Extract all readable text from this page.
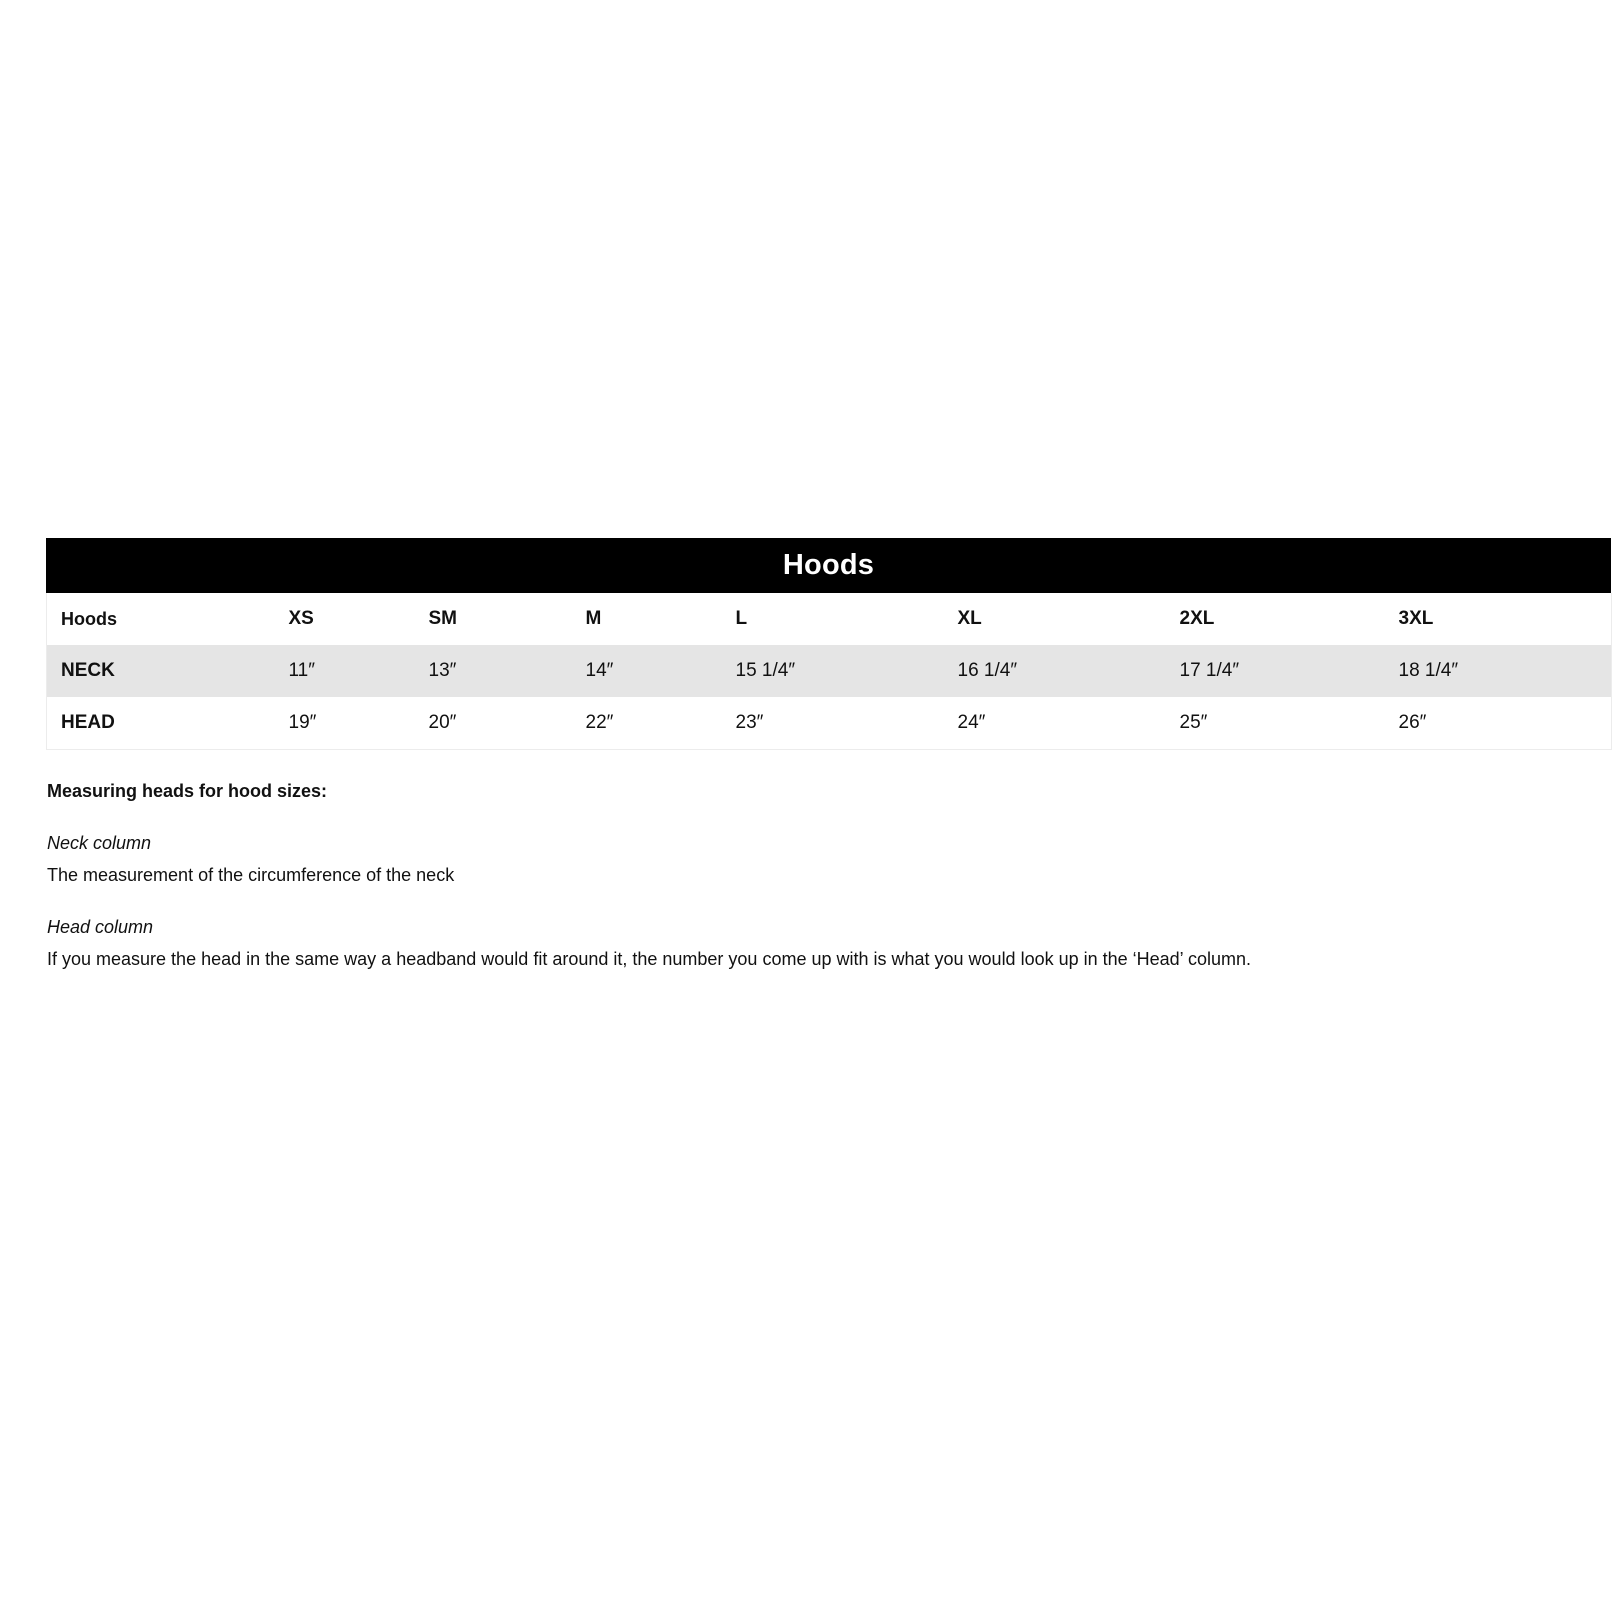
Hoods
Hoods	XS	SM	M	L	XL	2XL	3XL
NECK	11″	13″	14″	15 1/4″	16 1/4″	17 1/4″	18 1/4″
HEAD	19″	20″	22″	23″	24″	25″	26″
Measuring heads for hood sizes:
Neck column
The measurement of the circumference of the neck
Head column
If you measure the head in the same way a headband would fit around it, the number you come up with is what you would look up in the ‘Head’ column.
